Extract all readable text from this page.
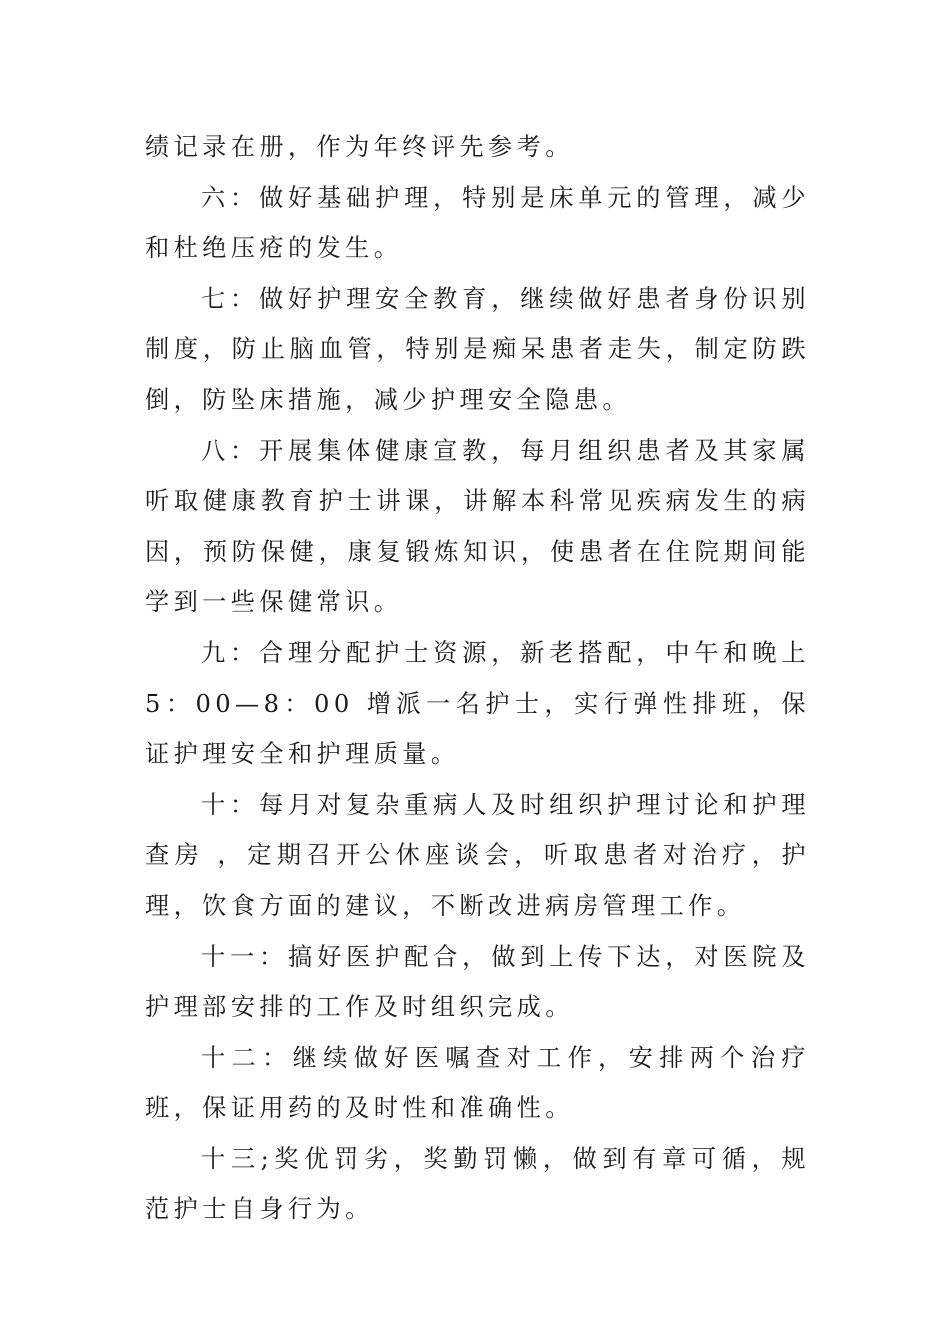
绩记录在册，作为年终评先参考。

六：做好基础护理，特别是床单元的管理，减少和杜绝压疮的发生。

七：做好护理安全教育，继续做好患者身份识别制度，防止脑血管，特别是痴呆患者走失，制定防跌倒，防坠床措施，减少护理安全隐患。

八：开展集体健康宣教，每月组织患者及其家属听取健康教育护士讲课，讲解本科常见疾病发生的病因，预防保健，康复锻炼知识，使患者在住院期间能学到一些保健常识。

九：合理分配护士资源，新老搭配，中午和晚上 5：00—8：00 增派一名护士，实行弹性排班，保证护理安全和护理质量。

十：每月对复杂重病人及时组织护理讨论和护理查房 ，定期召开公休座谈会，听取患者对治疗，护理，饮食方面的建议，不断改进病房管理工作。

十一：搞好医护配合，做到上传下达，对医院及护理部安排的工作及时组织完成。

十二：继续做好医嘱查对工作，安排两个治疗班，保证用药的及时性和准确性。

十三;奖优罚劣，奖勤罚懒，做到有章可循，规范护士自身行为。
